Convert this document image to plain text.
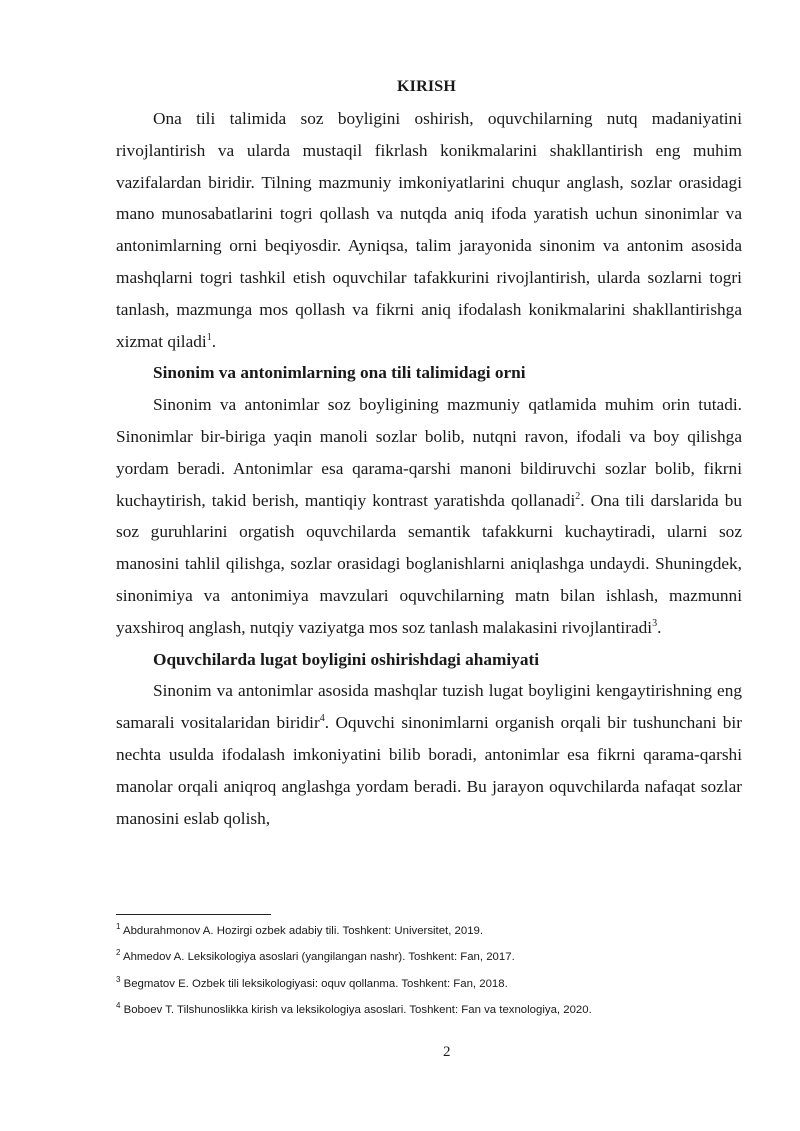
KIRISH

Ona tili talimida soz boyligini oshirish, oquvchilarning nutq madaniyatini rivojlantirish va ularda mustaqil fikrlash konikmalarini shakllantirish eng muhim vazifalardan biridir. Tilning mazmuniy imkoniyatlarini chuqur anglash, sozlar orasidagi mano munosabatlarini togri qollash va nutqda aniq ifoda yaratish uchun sinonimlar va antonimlarning orni beqiyosdir. Ayniqsa, talim jarayonida sinonim va antonim asosida mashqlarni togri tashkil etish oquvchilar tafakkurini rivojlantirish, ularda sozlarni togri tanlash, mazmunga mos qollash va fikrni aniq ifodalash konikmalarini shakllantirishga xizmat qiladi$^1$.

Sinonim va antonimlarning ona tili talimidagi orni

Sinonim va antonimlar soz boyligining mazmuniy qatlamida muhim orin tutadi. Sinonimlar bir-biriga yaqin manoli sozlar bolib, nutqni ravon, ifodali va boy qilishga yordam beradi. Antonimlar esa qarama-qarshi manoni bildiruvchi sozlar bolib, fikrni kuchaytirish, takid berish, mantiqiy kontrast yaratishda qollanadi$^2$. Ona tili darslarida bu soz guruhlarini orgatish oquvchilarda semantik tafakkurni kuchaytiradi, ularni soz manosini tahlil qilishga, sozlar orasidagi boglanishlarni aniqlashga undaydi. Shuningdek, sinonimiya va antonimiya mavzulari oquvchilarning matn bilan ishlash, mazmunni yaxshiroq anglash, nutqiy vaziyatga mos soz tanlash malakasini rivojlantiradi$^3$.

Oquvchilarda lugat boyligini oshirishdagi ahamiyati

Sinonim va antonimlar asosida mashqlar tuzish lugat boyligini kengaytirishning eng samarali vositalaridan biridir$^4$. Oquvchi sinonimlarni organish orqali bir tushunchani bir nechta usulda ifodalash imkoniyatini bilib boradi, antonimlar esa fikrni qarama-qarshi manolar orqali aniqroq anglashga yordam beradi. Bu jarayon oquvchilarda nafaqat sozlar manosini eslab qolish,

$^1$ Abdurahmonov A. Hozirgi ozbek adabiy tili. Toshkent: Universitet, 2019.
$^2$ Ahmedov A. Leksikologiya asoslari (yangilangan nashr). Toshkent: Fan, 2017.
$^3$ Begmatov E. Ozbek tili leksikologiyasi: oquv qollanma. Toshkent: Fan, 2018.
$^4$ Boboev T. Tilshunoslikka kirish va leksikologiya asoslari. Toshkent: Fan va texnologiya, 2020.
2
